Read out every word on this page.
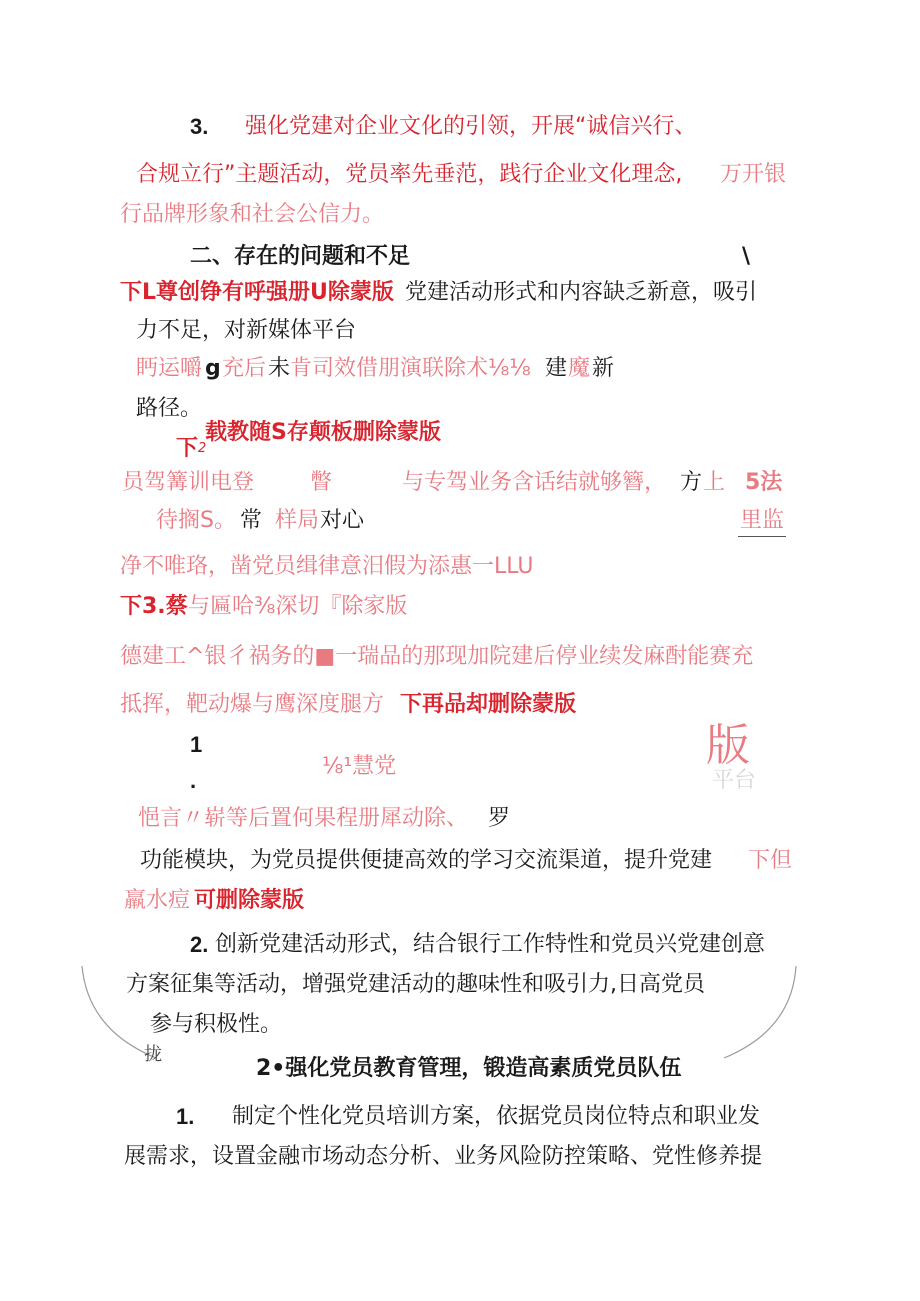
3. 强化党建对企业文化的引领，开展“诚信兴行、
合规立行”主题活动，党员率先垂范，践行企业文化理念, 万开银
行品牌形象和社会公信力。
二、存在的问题和不足	\
下L尊创铮有呼强册U除蒙版 党建活动形式和内容缺乏新意，吸引
力不足，对新媒体平台
眄运嚼 g 充后 未 肯司效借朋演联除术⅛⅛ 建 魔 新
路径。
下 2
载教随S存颠板删除蒙版
员驾篝训电登	瞥	与专驾业务含话结就够簪， 方 上 5法
待搁S。 常 样局 对心	里监
净不唯珞，凿党员缉律意汨假为添惠一LLU
下3.蔡 与匾哈⅜深切『除家版
德建工^银彳祸务的■一瑞品的那现加院建后停业续发麻酎能赛充
抵挥，靶动爆与鹰深度腿方 下再品却删除蒙版
1
.
⅛¹慧党	版
平台
悒言〃崭等后置何果程册犀动除、 罗
功能模块，为党员提供便捷高效的学习交流渠道，提升党建 下但
羸水痘 可删除蒙版
2. 创新党建活动形式，结合银行工作特性和党员兴党建创意
方案征集等活动，增强党建活动的趣味性和吸引力,日高党员
参与积极性。
拢
2•强化党员教育管理，锻造高素质党员队伍
1. 制定个性化党员培训方案，依据党员岗位特点和职业发
展需求，设置金融市场动态分析、业务风险防控策略、党性修养提
